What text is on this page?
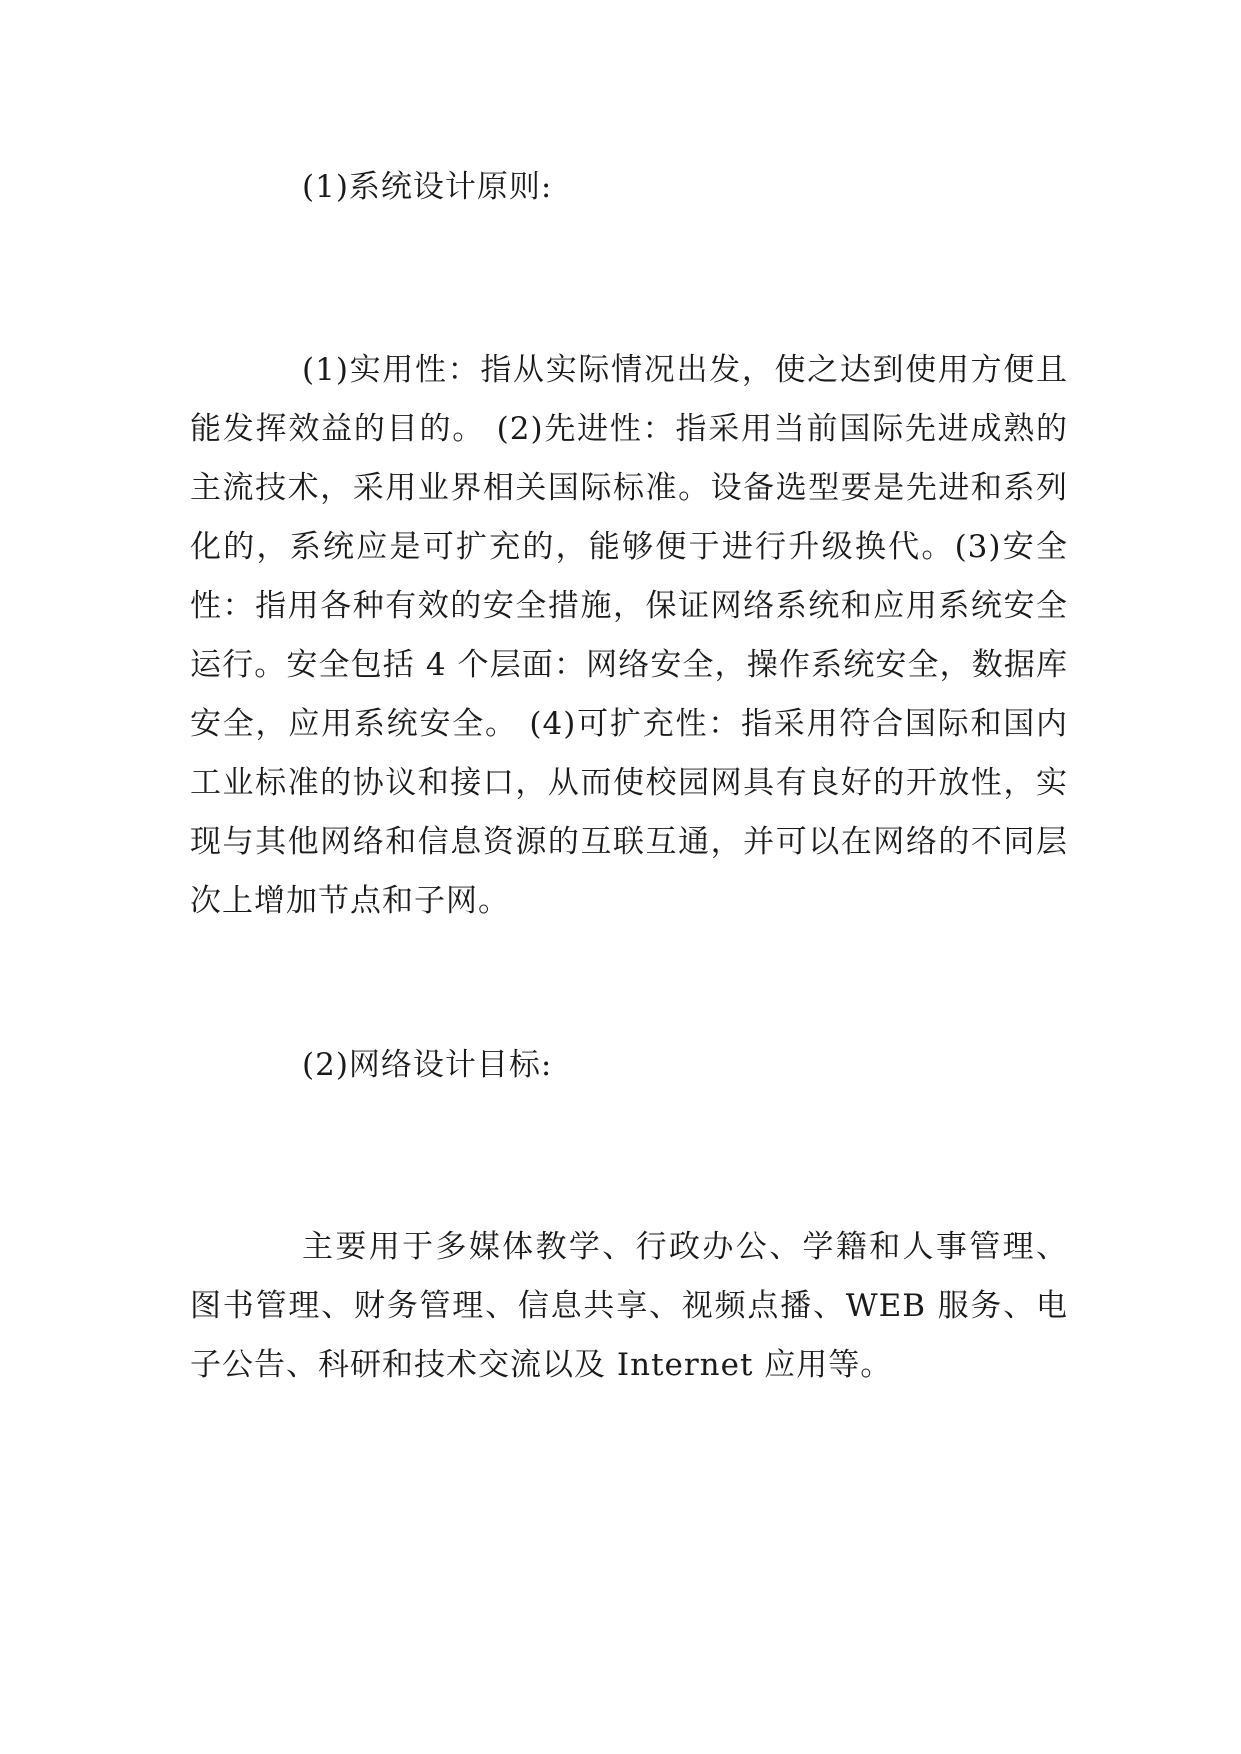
(1)系统设计原则:

(1)实用性：指从实际情况出发，使之达到使用方便且能发挥效益的目的。 (2)先进性：指采用当前国际先进成熟的主流技术，采用业界相关国际标准。设备选型要是先进和系列化的，系统应是可扩充的，能够便于进行升级换代。(3)安全性：指用各种有效的安全措施，保证网络系统和应用系统安全运行。安全包括 4 个层面：网络安全，操作系统安全，数据库安全，应用系统安全。 (4)可扩充性：指采用符合国际和国内工业标准的协议和接口，从而使校园网具有良好的开放性，实现与其他网络和信息资源的互联互通，并可以在网络的不同层次上增加节点和子网。

(2)网络设计目标:

主要用于多媒体教学、行政办公、学籍和人事管理、图书管理、财务管理、信息共享、视频点播、WEB 服务、电子公告、科研和技术交流以及 Internet 应用等。
